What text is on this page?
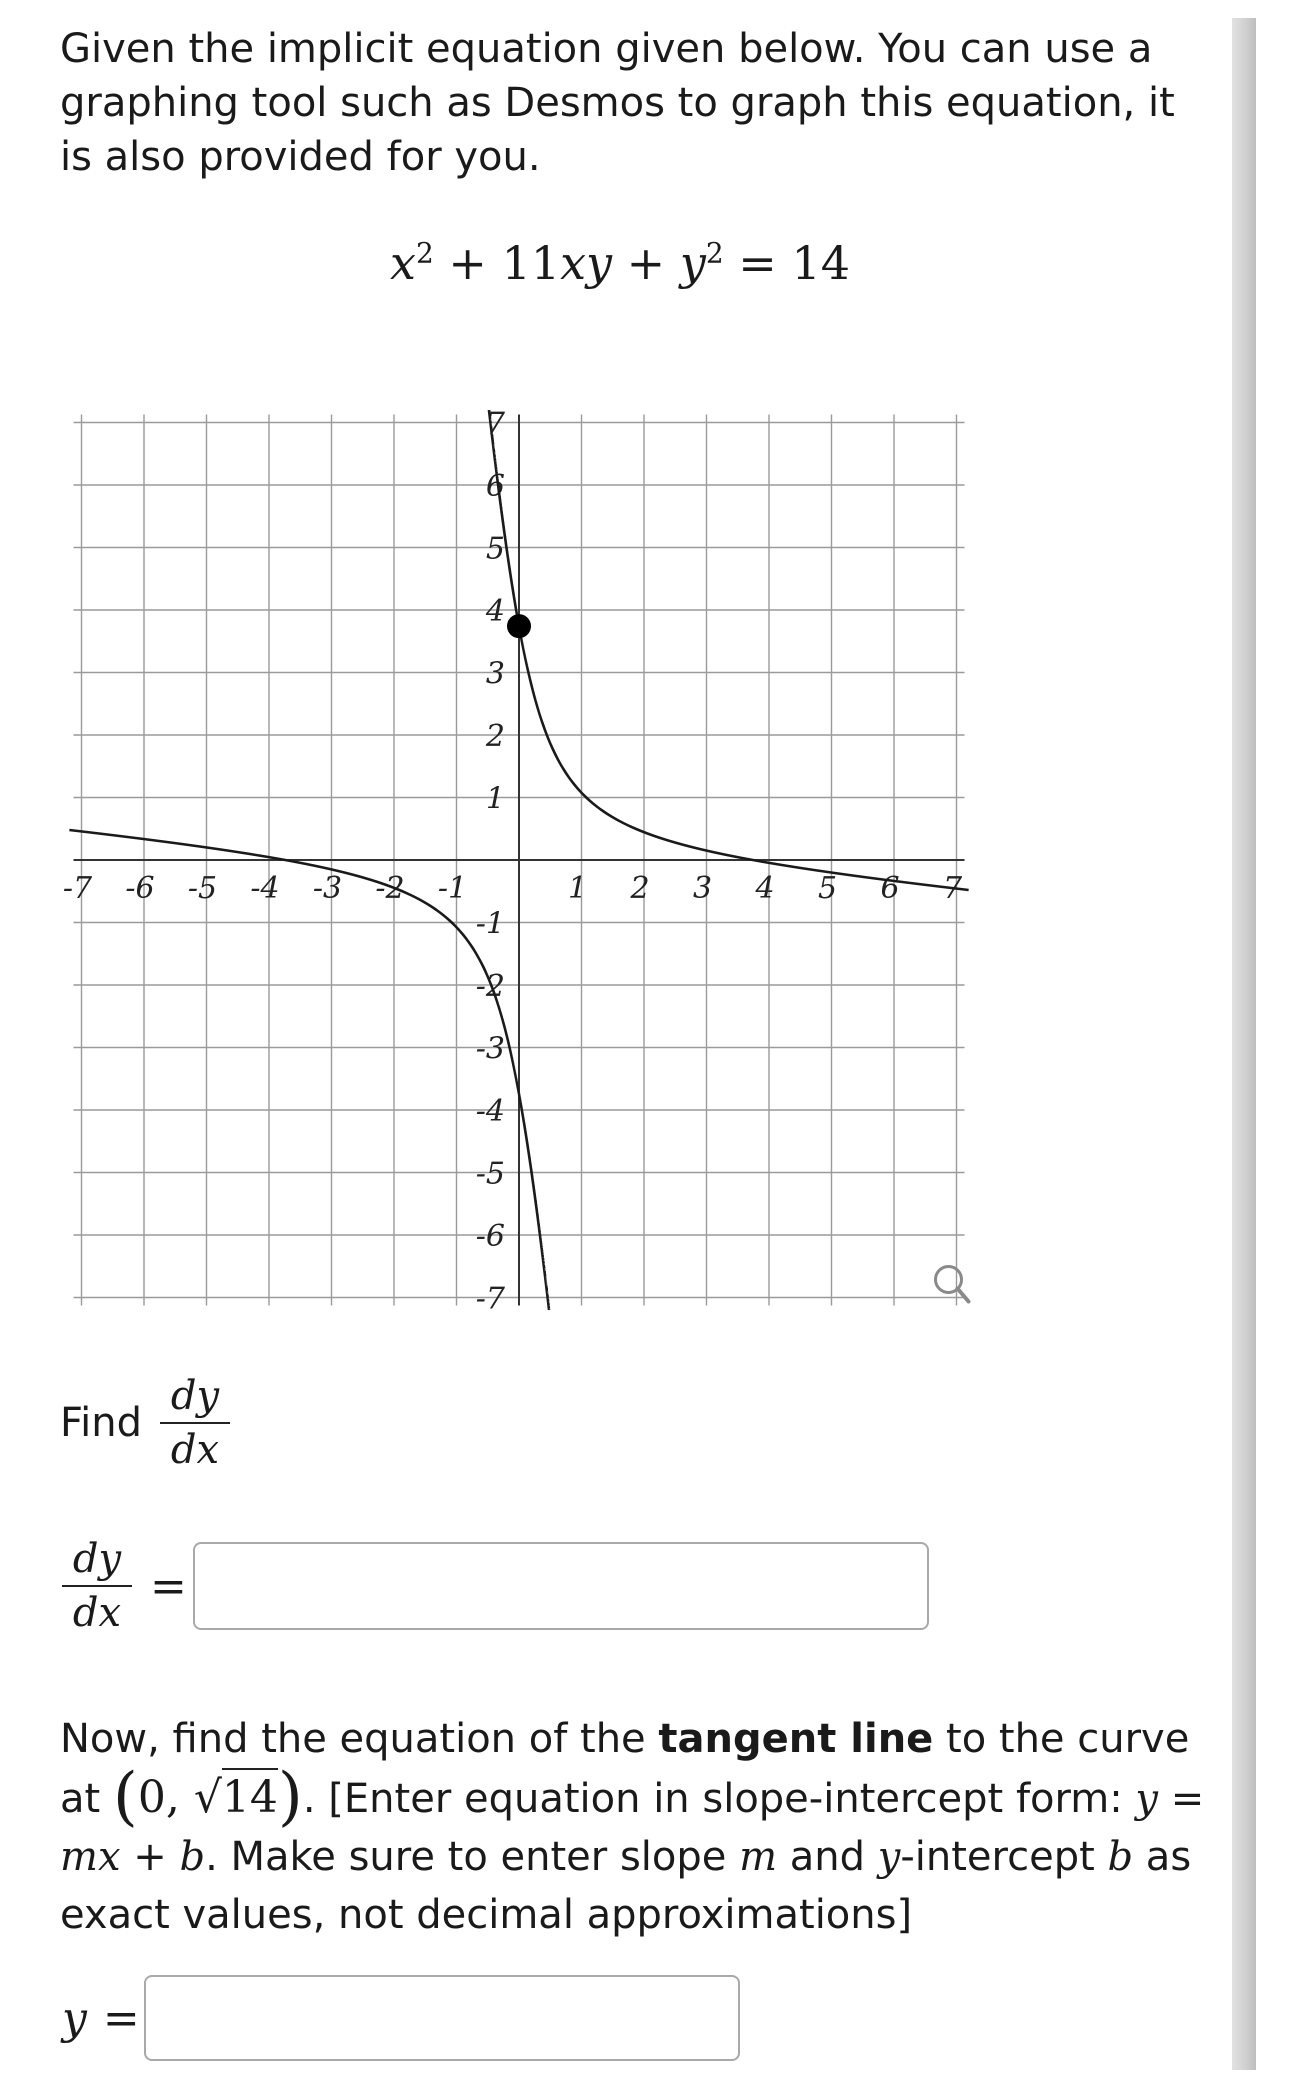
Given the implicit equation given below. You can use a graphing tool such as Desmos to graph this equation, it is also provided for you.

$x^2 + 11xy + y^2 = 14$
-7 -6 -5 -4 -3 -2 -1	1 2 3 4 5 6 7
7
6
5
4
3
2
1
-1
-2
-3
-4
-5
-6
-7
Find $\frac{dy}{dx}$
$\frac{dy}{dx}$ =

Now, find the equation of the tangent line to the curve at (0, √14). [Enter equation in slope-intercept form: y = mx + b. Make sure to enter slope m and y-intercept b as exact values, not decimal approximations]

y =
